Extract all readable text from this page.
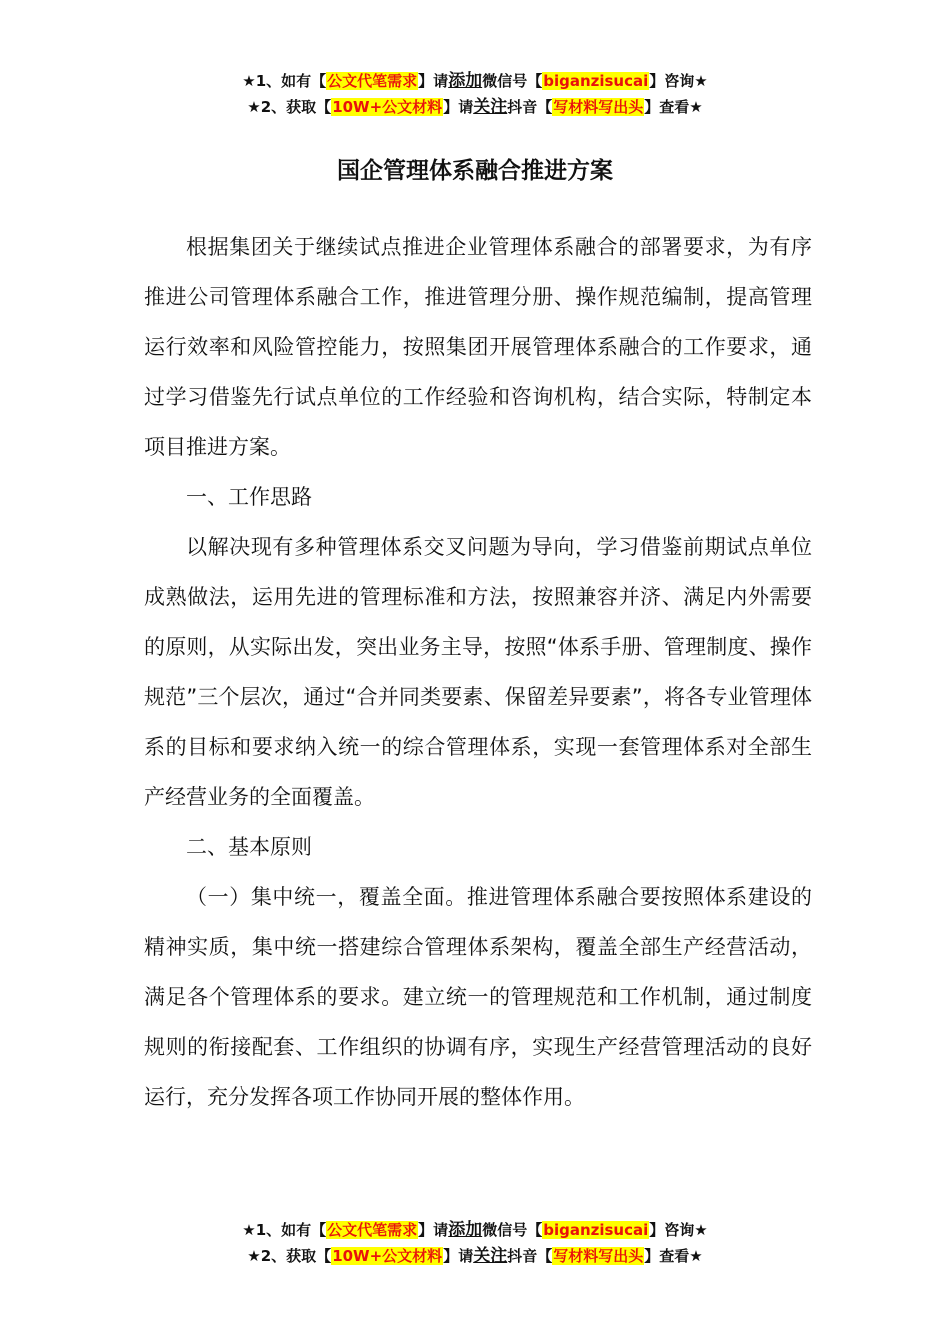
★1、如有【公文代笔需求】请添加微信号【biganzisucai】咨询★
★2、获取【10W+公文材料】请关注抖音【写材料写出头】查看★
国企管理体系融合推进方案

根据集团关于继续试点推进企业管理体系融合的部署要求，为有序推进公司管理体系融合工作，推进管理分册、操作规范编制，提高管理运行效率和风险管控能力，按照集团开展管理体系融合的工作要求，通过学习借鉴先行试点单位的工作经验和咨询机构，结合实际，特制定本项目推进方案。

一、工作思路

以解决现有多种管理体系交叉问题为导向，学习借鉴前期试点单位成熟做法，运用先进的管理标准和方法，按照兼容并济、满足内外需要的原则，从实际出发，突出业务主导，按照“体系手册、管理制度、操作规范”三个层次，通过“合并同类要素、保留差异要素”，将各专业管理体系的目标和要求纳入统一的综合管理体系，实现一套管理体系对全部生产经营业务的全面覆盖。

二、基本原则

（一）集中统一，覆盖全面。推进管理体系融合要按照体系建设的精神实质，集中统一搭建综合管理体系架构，覆盖全部生产经营活动，满足各个管理体系的要求。建立统一的管理规范和工作机制，通过制度规则的衔接配套、工作组织的协调有序，实现生产经营管理活动的良好运行，充分发挥各项工作协同开展的整体作用。

★1、如有【公文代笔需求】请添加微信号【biganzisucai】咨询★
★2、获取【10W+公文材料】请关注抖音【写材料写出头】查看★
